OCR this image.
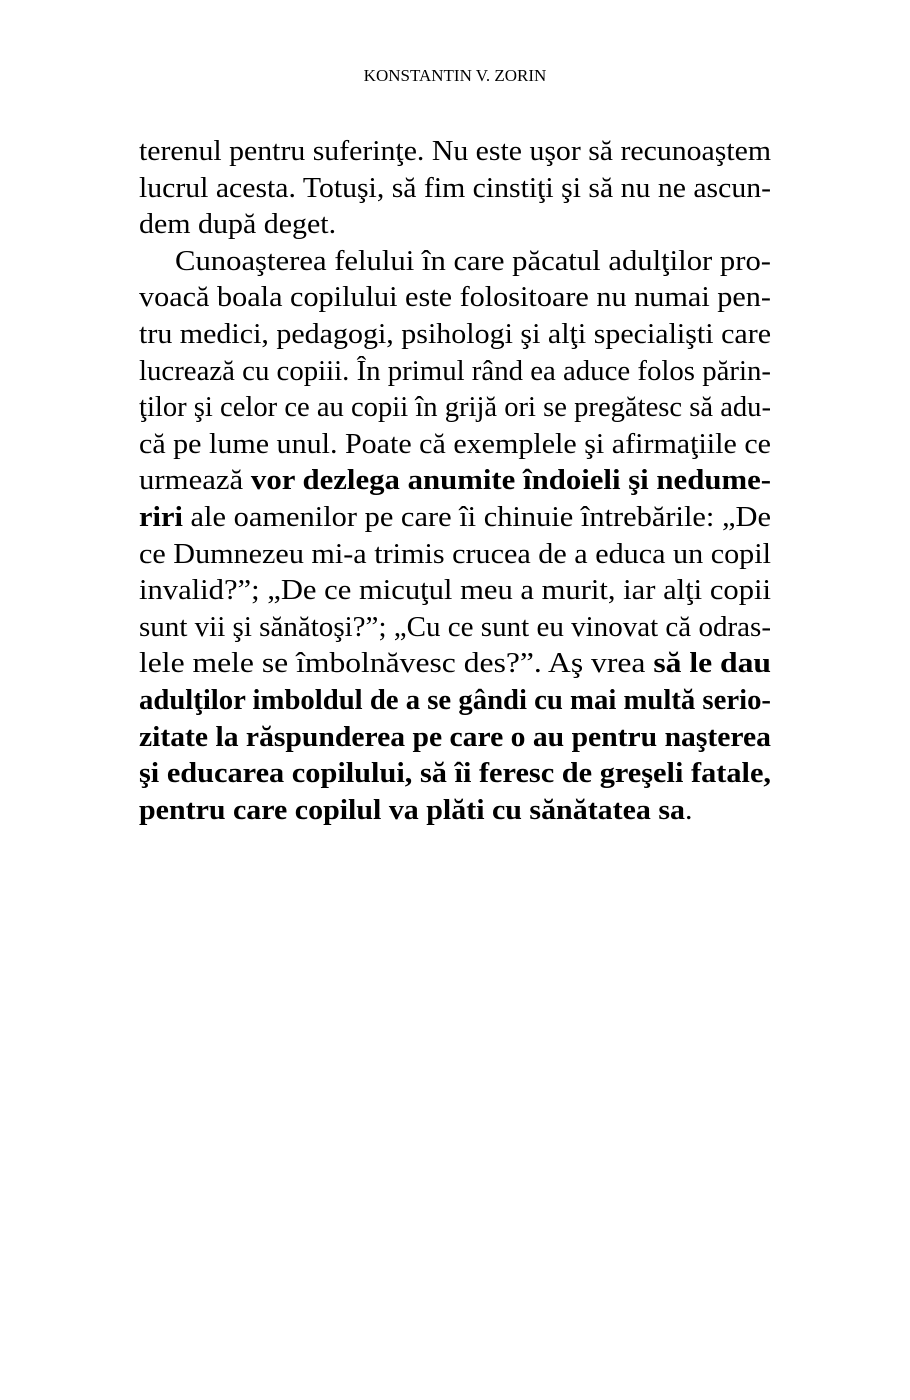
KONSTANTIN V. ZORIN
terenul pentru suferinţe. Nu este uşor să recunoaştem
lucrul acesta. Totuşi, să fim cinstiţi şi să nu ne ascun-
dem după deget.
Cunoaşterea felului în care păcatul adulţilor pro-
voacă boala copilului este folositoare nu numai pen-
tru medici, pedagogi, psihologi şi alţi specialişti care
lucrează cu copiii. În primul rând ea aduce folos părin-
ţilor şi celor ce au copii în grijă ori se pregătesc să adu-
că pe lume unul. Poate că exemplele şi afirmaţiile ce
urmează vor dezlega anumite îndoieli şi nedume-
riri ale oamenilor pe care îi chinuie întrebările: „De
ce Dumnezeu mi-a trimis crucea de a educa un copil
invalid?”; „De ce micuţul meu a murit, iar alţi copii
sunt vii şi sănătoşi?”; „Cu ce sunt eu vinovat că odras-
lele mele se îmbolnăvesc des?”. Aş vrea să le dau
adulţilor imboldul de a se gândi cu mai multă serio-
zitate la răspunderea pe care o au pentru naşterea
şi educarea copilului, să îi feresc de greşeli fatale,
pentru care copilul va plăti cu sănătatea sa.
